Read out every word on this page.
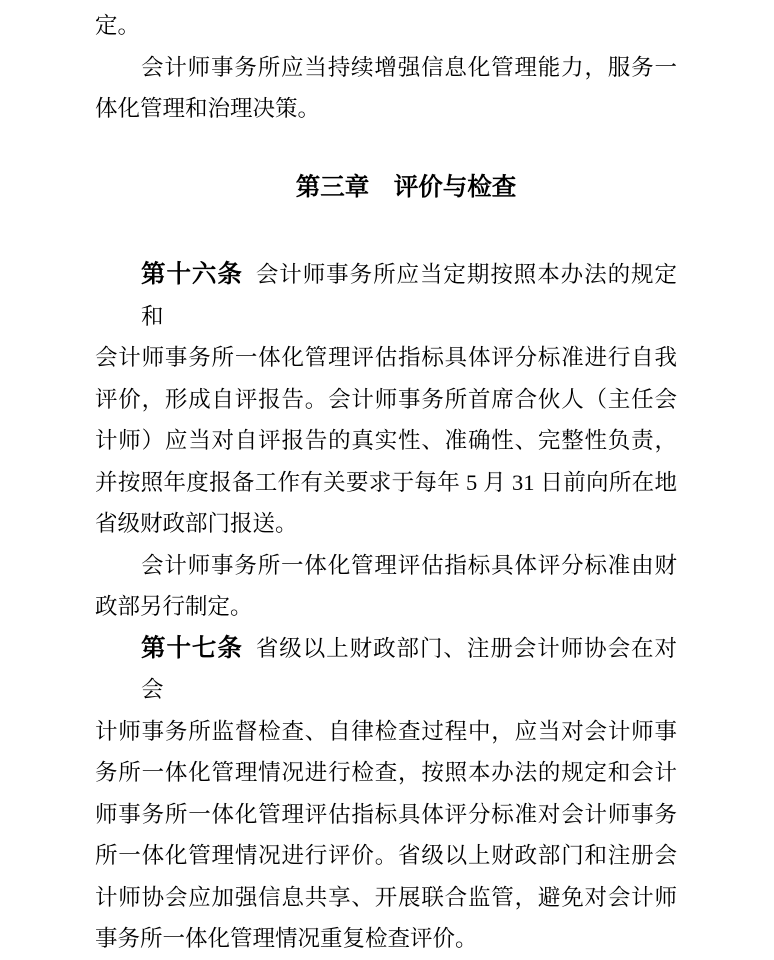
定。
会计师事务所应当持续增强信息化管理能力，服务一
体化管理和治理决策。
第三章　评价与检查
第十六条 会计师事务所应当定期按照本办法的规定和
会计师事务所一体化管理评估指标具体评分标准进行自我
评价，形成自评报告。会计师事务所首席合伙人（主任会
计师）应当对自评报告的真实性、准确性、完整性负责，
并按照年度报备工作有关要求于每年 5 月 31 日前向所在地
省级财政部门报送。
会计师事务所一体化管理评估指标具体评分标准由财
政部另行制定。
第十七条 省级以上财政部门、注册会计师协会在对会
计师事务所监督检查、自律检查过程中，应当对会计师事
务所一体化管理情况进行检查，按照本办法的规定和会计
师事务所一体化管理评估指标具体评分标准对会计师事务
所一体化管理情况进行评价。省级以上财政部门和注册会
计师协会应加强信息共享、开展联合监管，避免对会计师
事务所一体化管理情况重复检查评价。
